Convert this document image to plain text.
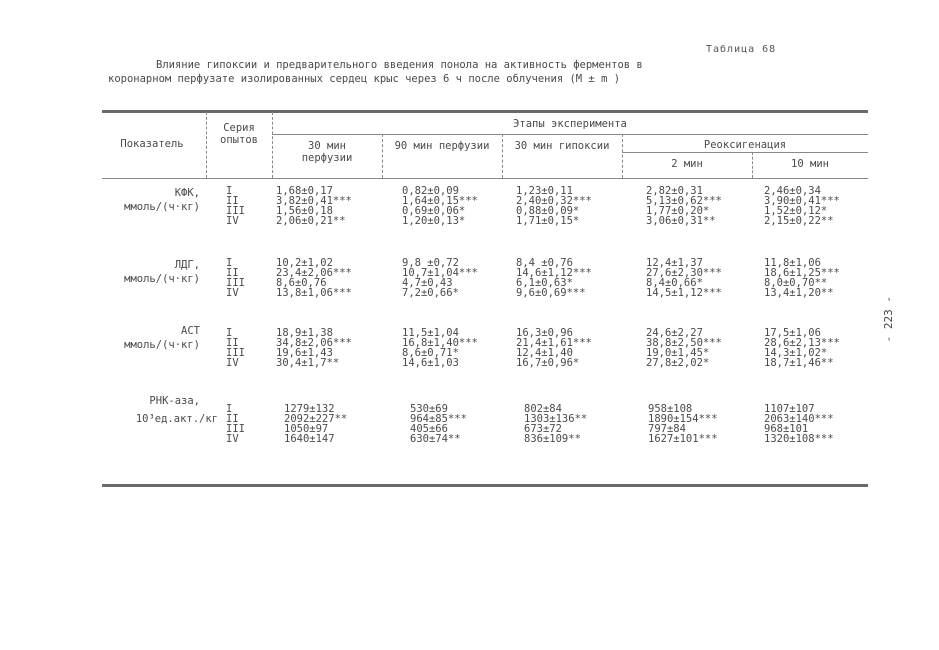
Таблица 68
Влияние гипоксии и предварительного введения понола на активность ферментов в
коронарном перфузате изолированных сердец крыс через 6 ч после облучения (М ± m )
Показатель
Серия опытов
Этапы эксперимента
30 мин перфузии
90 мин перфузии 30 мин гипоксии	Реоксигенация
2 мин	10 мин
КФК,
ммоль/(ч·кг)
I
II
III
IV
1,68±0,17
3,82±0,41***
1,56±0,18
2,06±0,21**
0,82±0,09
1,64±0,15***
0,69±0,06*
1,20±0,13*
1,23±0,11
2,40±0,32***
0,88±0,09*
1,71±0,15*
2,82±0,31
5,13±0,62***
1,77±0,20*
3,06±0,31**
2,46±0,34
3,90±0,41***
1,52±0,12*
2,15±0,22**
ЛДГ,
ммоль/(ч·кг)
I
II
III
IV
10,2±1,02
23,4±2,06***
8,6±0,76
13,8±1,06***
9,8 ±0,72
10,7±1,04***
4,7±0,43
7,2±0,66*
8,4 ±0,76
14,6±1,12***
6,1±0,63*
9,6±0,69***
12,4±1,37
27,6±2,30***
8,4±0,66*
14,5±1,12***
11,8±1,06
18,6±1,25***
8,0±0,70**
13,4±1,20**
АСТ
ммоль/(ч·кг)
I
II
III
IV
18,9±1,38
34,8±2,06***
19,6±1,43
30,4±1,7**
11,5±1,04
16,8±1,40***
8,6±0,71*
14,6±1,03
16,3±0,96
21,4±1,61***
12,4±1,40
16,7±0,96*
24,6±2,27
38,8±2,50***
19,0±1,45*
27,8±2,02*
17,5±1,06
28,6±2,13***
14,3±1,02*
18,7±1,46**
РНК-аза,
10³ед.акт./кг
I
II
III
IV
1279±132
2092±227**
1050±97
1640±147
530±69
964±85***
405±66
630±74**
802±84
1303±136**
673±72
836±109**
958±108
1890±154***
797±84
1627±101***
1107±107
2063±140***
968±101
1320±108***
- 223 -
